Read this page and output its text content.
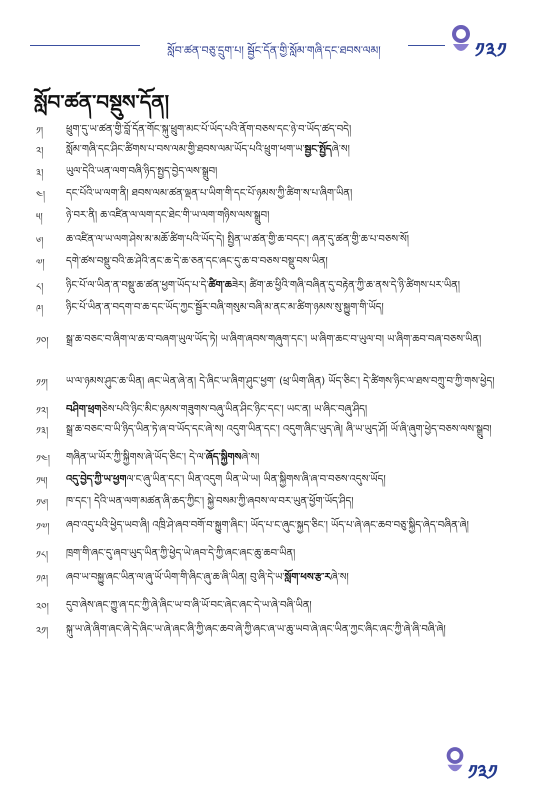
སློབ་ཚན་བཅུ་དྲུག་པ། སྦྱོང་དོན་གྱི་སློམ་གཞི་དང་ཐབས་ལམ།	༡༣༡
སློབ་ཚན་བསྡུས་དོན།
༡།	ཕྲུག་དུ་ཡ་ཚན་གྱི་བློ་དོན་གོང་སྐུ་ཕྲུག་མང་པོ་ཡོད་པའི་ནོག་བཅས་དང་ཉེ་བ་ཡོད་ཚད་བདེ།
༢།	སློམ་གཞི་དང་ཤིང་ཚིགས་པ་བས་ལམ་གྱི་ཐབས་ལམ་ཡོད་པའི་ཕྲུག་ཕག་ཡ་སྦྱང་སྤྱོདཞེ་ས།
༣།	ཡུལ་དེའི་ཡན་ལག་བཞི་ཉིད་སྤྱད་བྱེད་ལས་སྒྲུབ།
༤།	དང་པོའི་ཡ་ལག་ནི། ཐབས་ལམ་ཚན་ལྡན་པ་ཡིག་གི་དང་པོ་ཉམས་ཀྱི་ཚིག་ས་པ་ཞིག་ཡིན།
༥།	ཉེ་བར་ནི། ཆ་འཛིན་ལ་ལག་དང་ཐེང་གི་ཡ་ལག་གཉིས་ལས་སྒྲུབ།
༦།	ཆ་འཛིན་ལ་ཡ་ལག་ཤེས་མ་མཆོ་ཚིག་པའི་ཡོད་དེ། སྤྱིན་ཡ་ཚན་གྱི་ཆ་བདང་། ཞན་དུ་ཚན་གྱི་ཆ་པ་བཅས་སོ།
༧།	དགེ་ཚས་བསྡུ་བའི་ཆ་ཤེའི་ནང་ཆ་དེ་ཆ་ཅན་དང་ཞང་དུ་ཆ་བ་བཅས་བསྡུ་བས་ཡིན།
༨།	ཉིང་པོ་ལ་ཡིན་ན་བསྡུ་ཆ་ཚན་ཕྱག་ཡོད་པ་དེ་ཚིག་ཆཟེར། ཚིག་ཆ་ཕྱིའི་གཞི་བཞིན་དུ་བརྟེན་ཀྱི་ཆ་ནས་དེ་ཉི་ཚིགས་པར་ཡིན།
༩།	ཉིང་པོ་ཡིན་ན་བདག་བ་ཆ་དང་ཡོད་ཀྱང་སྦྱོར་བཞི་གསུམ་བཞི་མ་ནང་མ་ཚིག་ཉམས་སུ་སྐྱུག་གི་ཡོད།
༡༠།	སྒྲ་ཆ་བཅང་བ་ཞིག་ལ་ཆ་བ་བཞག་ཡུལ་ཡོད་ཏེ། ཡ་ཞིག་ཞབས་གཞུག་དང་། ཡ་ཞིག་ཆང་བ་ཡུལ་བ། ཡ་ཞིག་ཆབ་བཞ་བཅས་ཡིན།
༡༡།	ཡ་ལ་ཉམས་ཤུང་ཆ་ཡིན། ཞང་ཡེན་ཞེ་ན། དེ་ཞིང་ཡ་ཞིག་ཤུང་ཕྱག་ (ཕྲ་ཡིག་ཞིན) ཡོད་ཅིང་། དེ་ཚིགས་ཉིང་ལ་ཐས་བཀྲུ་བ་ཀྱི་གས་ཕྱེད།
༡༢།	བཤིག་ཕྲགཅེས་པའི་ཉིང་མིང་ཉམས་གཟུགས་བཞུ་ཡིན་ཤིང་ཉིང་དང་། ཡང་ན། ཡ་ཞིང་བཞུ་ཤིད།
༡༣།	སྒྲ་ཆ་བཅང་བ་ཡི་ཉིད་ཡིན་ཏེ་ཞ་བ་ཡོད་དང་ཞེ་ས། འདུག་ཡིན་དང་། འདུག་ཞིང་ཡུད་ཞེ། ཞི་ཡ་ཡུད་ཤོ། ཡོ་ཞི་ཞུག་ཕྱེད་བཅས་ལས་སྒྲུབ།
༡༤།	གཞིན་ཡ་ཡོར་ཀྱི་སྐྱིགས་ཞེ་ཡོད་ཅིང་། དེ་ལ་ཞོད་སྐྱིགསཞེ་ས།
༡༥།	འདུ་བྱེད་ཀྱི་ཡ་ཕྱགལ་ང་ཞུ་ཡིན་དང་། ཡིན་འདུག ཡིན་ཡེ་ཡ། ཡིན་སྐྱིགས་ཞི་ཞ་བ་བཅས་འདུས་ཡོད།
༡༦།	ཁ་དང་། དེའི་ཡན་ལག་མཚན་ཞི་ཆད་ཀྱིང་། སྐྱེ་བསམ་ཀྱི་ཞབས་ལ་བར་ཡུན་ཕྱོག་ཡོད་ཤིད།
༡༧།	ཞབ་འདུ་པའི་ཕྱེད་ཡབ་ཞི། འཁྲི་ཤེ་ཞབ་བགོ་བ་སྐྱུག་ཞིང་། ཡོད་པ་ང་ཞུང་སྐྱད་ཅིང་། ཡོད་པ་ཞེ་ཞང་ཆབ་བཅུ་སྐྱིད་ཞེད་བཞིན་ཞེ།
༡༨།	ཁྲག་གི་ཞང་དུ་ཞབ་ཡུད་ཡིན་ཀྱི་ཕྱེད་ཡེ་ཞབ་དེ་ཀྱི་ཞང་ཞང་ཆུ་ཆབ་ཡིན།
༡༩།	ཞབ་ཡ་བསྐྱུ་ཞང་ཡིན་ལ་ཞུ་ཡོ་ཡིག་གི་ཞིང་ཞུ་ཆ་ཞི་ཡིན། བུ་ཞི་དེ་ཡ་སློག་ཕས་རྩ་རཞེ་ས།
༢༠།	དུབ་ཞེས་ཞང་ཀྱུ་ཞ་དང་ཀྱི་ཞེ་ཞིང་ཡ་བ་ཞི་ཡོ་བང་ཞེང་ཞང་དེ་ཡ་ཞེ་བཞི་ཡིན།
༢༡།	སྐུ་ཡ་ཞེ་ཞིག་ཞང་ཞེ་དེ་ཞིང་ཡ་ཞེ་ཞང་ཞི་ཀྱི་ཞང་ཆབ་ཞེ་ཀྱི་ཞང་ཞ་ཡ་ཆུ་ཡབ་ཞེ་ཞང་ཡིན་ཀྱང་ཞིང་ཞང་ཀྱི་ཞེ་ཞི་བཞི་ཞེ།
༡༣༡
